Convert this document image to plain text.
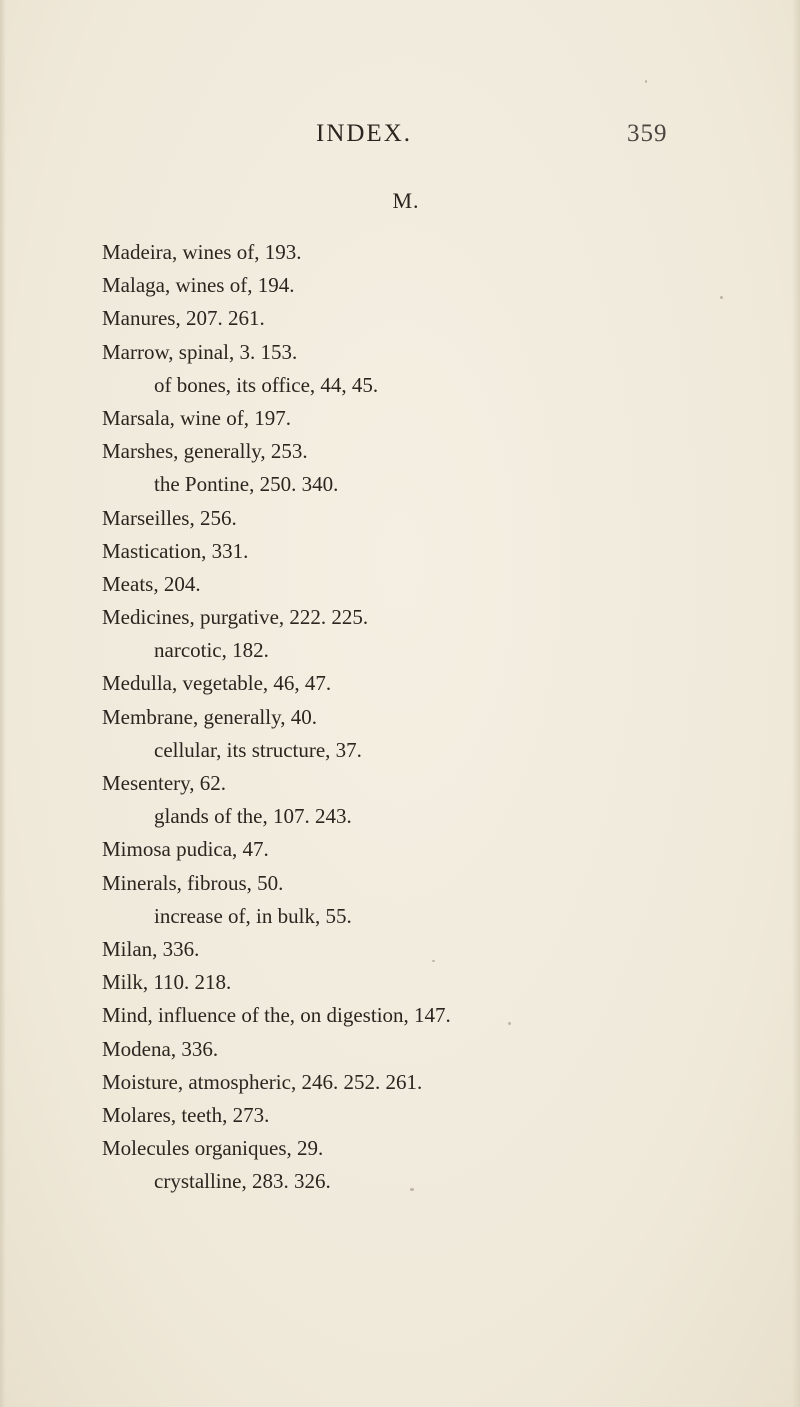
INDEX.	359
M.
Madeira, wines of, 193.
Malaga, wines of, 194.
Manures, 207. 261.
Marrow, spinal, 3. 153.
of bones, its office, 44, 45.
Marsala, wine of, 197.
Marshes, generally, 253.
the Pontine, 250. 340.
Marseilles, 256.
Mastication, 331.
Meats, 204.
Medicines, purgative, 222. 225.
narcotic, 182.
Medulla, vegetable, 46, 47.
Membrane, generally, 40.
cellular, its structure, 37.
Mesentery, 62.
glands of the, 107. 243.
Mimosa pudica, 47.
Minerals, fibrous, 50.
increase of, in bulk, 55.
Milan, 336.
Milk, 110. 218.
Mind, influence of the, on digestion, 147.
Modena, 336.
Moisture, atmospheric, 246. 252. 261.
Molares, teeth, 273.
Molecules organiques, 29.
crystalline, 283. 326.
